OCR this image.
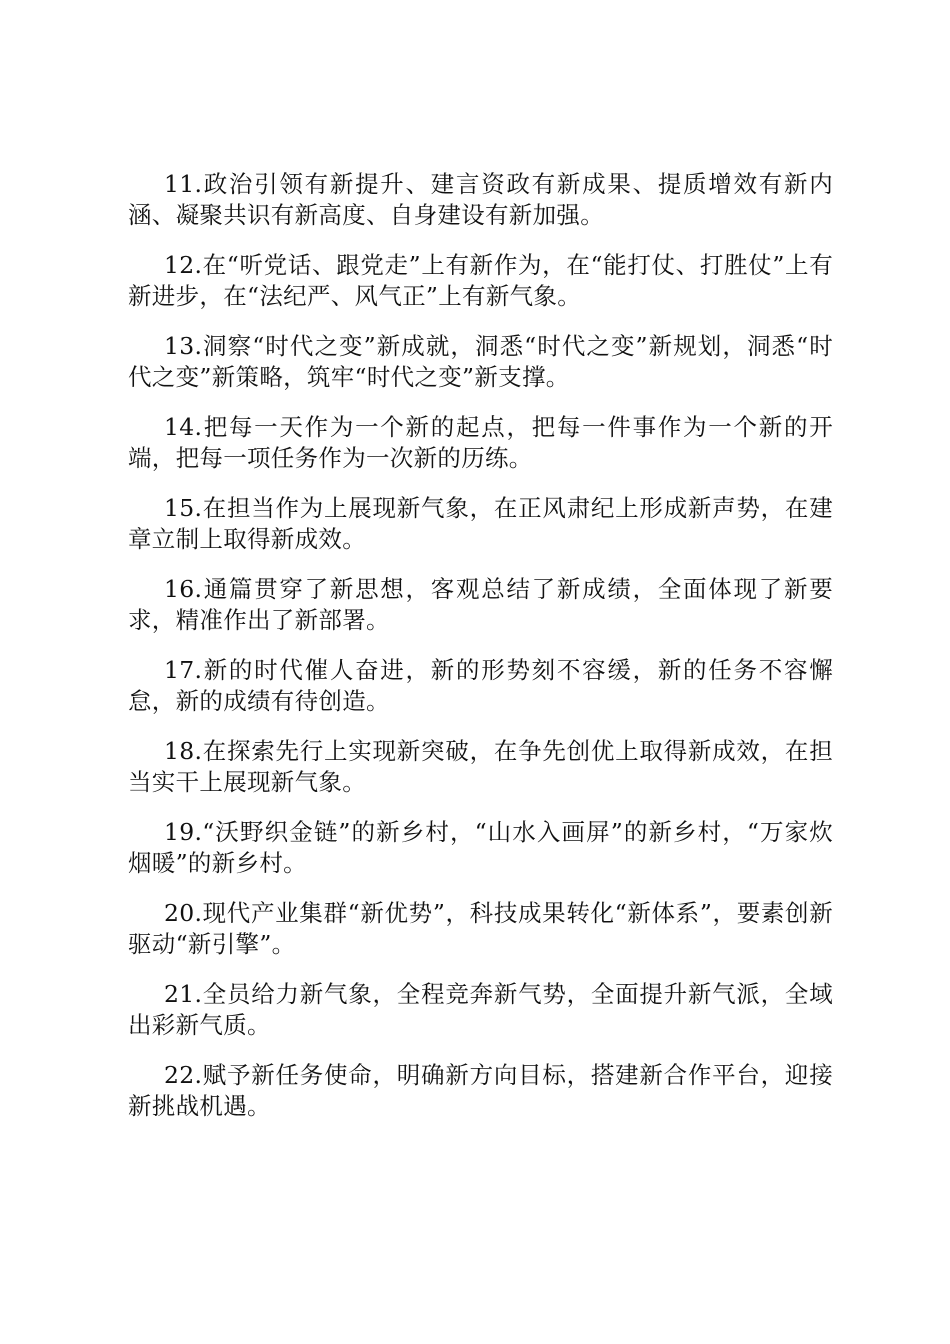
11.政治引领有新提升、建言资政有新成果、提质增效有新内涵、凝聚共识有新高度、自身建设有新加强。

12.在“听党话、跟党走”上有新作为，在“能打仗、打胜仗”上有新进步，在“法纪严、风气正”上有新气象。

13.洞察“时代之变”新成就，洞悉“时代之变”新规划，洞悉“时代之变”新策略，筑牢“时代之变”新支撑。

14.把每一天作为一个新的起点，把每一件事作为一个新的开端，把每一项任务作为一次新的历练。

15.在担当作为上展现新气象，在正风肃纪上形成新声势，在建章立制上取得新成效。

16.通篇贯穿了新思想，客观总结了新成绩，全面体现了新要求，精准作出了新部署。

17.新的时代催人奋进，新的形势刻不容缓，新的任务不容懈怠，新的成绩有待创造。

18.在探索先行上实现新突破，在争先创优上取得新成效，在担当实干上展现新气象。

19.“沃野织金链”的新乡村，“山水入画屏”的新乡村，“万家炊烟暖”的新乡村。

20.现代产业集群“新优势”，科技成果转化“新体系”，要素创新驱动“新引擎”。

21.全员给力新气象，全程竞奔新气势，全面提升新气派，全域出彩新气质。

22.赋予新任务使命，明确新方向目标，搭建新合作平台，迎接新挑战机遇。
